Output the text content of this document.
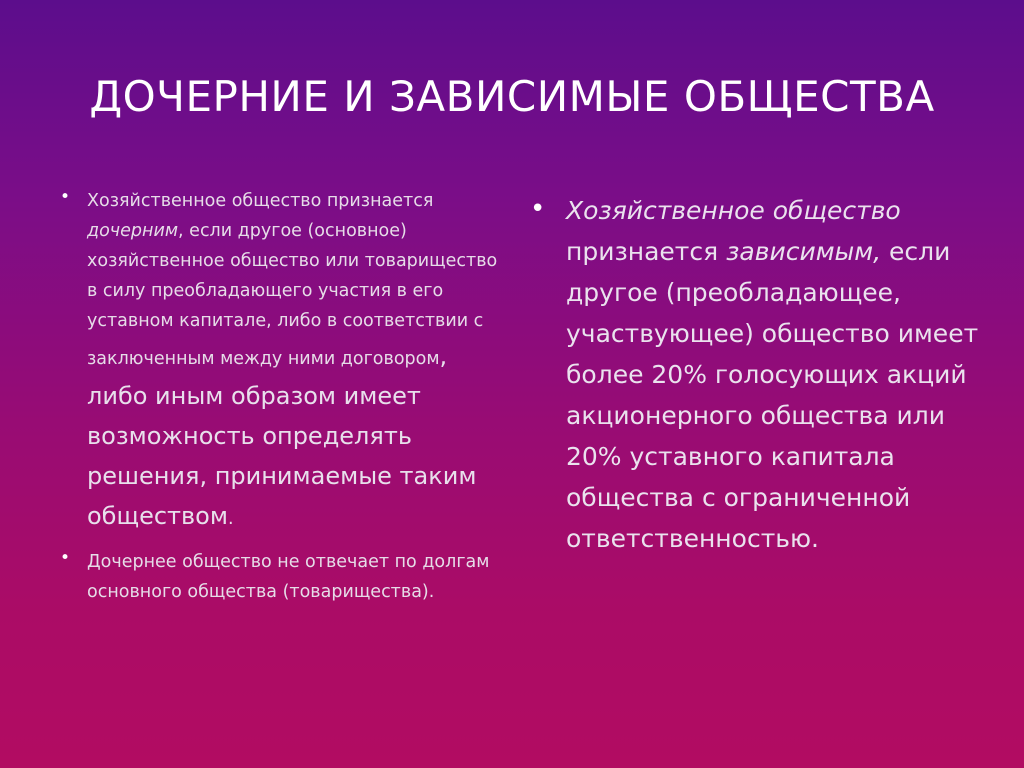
ДОЧЕРНИЕ И ЗАВИСИМЫЕ ОБЩЕСТВА
• Хозяйственное общество признается дочерним, если другое (основное) хозяйственное общество или товарищество в силу преобладающего участия в его уставном капитале, либо в соответствии с заключенным между ними договором, либо иным образом имеет возможность определять решения, принимаемые таким обществом.
• Дочернее общество не отвечает по долгам основного общества (товарищества).
• Хозяйственное общество признается зависимым, если другое (преобладающее, участвующее) общество имеет более 20% голосующих акций акционерного общества или 20% уставного капитала общества с ограниченной ответственностью.
